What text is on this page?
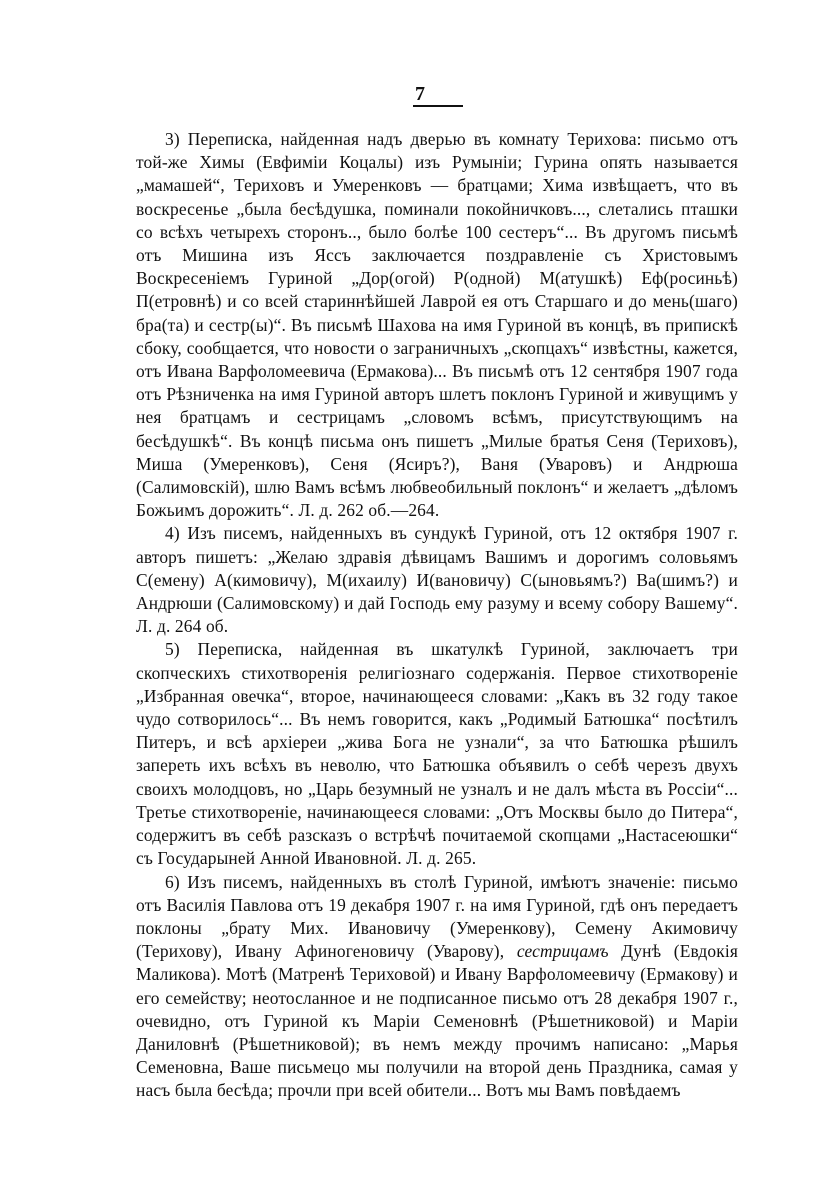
7

3) Переписка, найденная надъ дверью въ комнату Терихова: письмо отъ той-же Химы (Евфиміи Коцалы) изъ Румыніи; Гурина опять называется „мамашей“, Териховъ и Умеренковъ — братцами; Хима извѣщаетъ, что въ воскресенье „была бесѣдушка, поминали покойничковъ..., слетались пташки со всѣхъ четырехъ сторонъ.., было болѣе 100 сестеръ“... Въ другомъ письмѣ отъ Мишина изъ Яссъ заключается поздравленіе съ Христовымъ Воскресеніемъ Гуриной „Дор(огой) Р(одной) М(атушкѣ) Еф(росиньѣ) П(етровнѣ) и со всей стариннѣйшей Лаврой ея отъ Старшаго и до мень(шаго) бра(та) и сестр(ы)“. Въ письмѣ Шахова на имя Гуриной въ концѣ, въ припискѣ сбоку, сообщается, что новости о заграничныхъ „скопцахъ“ извѣстны, кажется, отъ Ивана Варфоломеевича (Ермакова)... Въ письмѣ отъ 12 сентября 1907 года отъ Рѣзниченка на имя Гуриной авторъ шлетъ поклонъ Гуриной и живущимъ у нея братцамъ и сестрицамъ „словомъ всѣмъ, присутствующимъ на бесѣдушкѣ“. Въ концѣ письма онъ пишетъ „Милые братья Сеня (Териховъ), Миша (Умеренковъ), Сеня (Ясиръ?), Ваня (Уваровъ) и Андрюша (Салимовскій), шлю Вамъ всѣмъ любвеобильный поклонъ“ и желаетъ „дѣломъ Божьимъ дорожить“. Л. д. 262 об.—264.

4) Изъ писемъ, найденныхъ въ сундукѣ Гуриной, отъ 12 октября 1907 г. авторъ пишетъ: „Желаю здравія дѣвицамъ Вашимъ и дорогимъ соловьямъ С(емену) А(кимовичу), М(ихаилу) И(вановичу) С(ыновьямъ?) Ва(шимъ?) и Андрюши (Салимовскому) и дай Господь ему разуму и всему собору Вашему“. Л. д. 264 об.

5) Переписка, найденная въ шкатулкѣ Гуриной, заключаетъ три скопческихъ стихотворенія религіознаго содержанія. Первое стихотвореніе „Избранная овечка“, второе, начинающееся словами: „Какъ въ 32 году такое чудо сотворилось“... Въ немъ говорится, какъ „Родимый Батюшка“ посѣтилъ Питеръ, и всѣ архіереи „жива Бога не узнали“, за что Батюшка рѣшилъ запереть ихъ всѣхъ въ неволю, что Батюшка объявилъ о себѣ черезъ двухъ своихъ молодцовъ, но „Царь безумный не узналъ и не далъ мѣста въ Россіи“... Третье стихотвореніе, начинающееся словами: „Отъ Москвы было до Питера“, содержитъ въ себѣ разсказъ о встрѣчѣ почитаемой скопцами „Настасеюшки“ съ Государыней Анной Ивановной. Л. д. 265.

6) Изъ писемъ, найденныхъ въ столѣ Гуриной, имѣютъ значеніе: письмо отъ Василія Павлова отъ 19 декабря 1907 г. на имя Гуриной, гдѣ онъ передаетъ поклоны „брату Мих. Ивановичу (Умеренкову), Семену Акимовичу (Терихову), Ивану Афиногеновичу (Уварову), сестрицамъ Дунѣ (Евдокія Маликова). Мотѣ (Матренѣ Териховой) и Ивану Варфоломеевичу (Ермакову) и его семейству; неотосланное и не подписанное письмо отъ 28 декабря 1907 г., очевидно, отъ Гуриной къ Маріи Семеновнѣ (Рѣшетниковой) и Маріи Даниловнѣ (Рѣшетниковой); въ немъ между прочимъ написано: „Марья Семеновна, Ваше письмецо мы получили на второй день Праздника, самая у насъ была бесѣда; прочли при всей обители... Вотъ мы Вамъ повѣдаемъ
